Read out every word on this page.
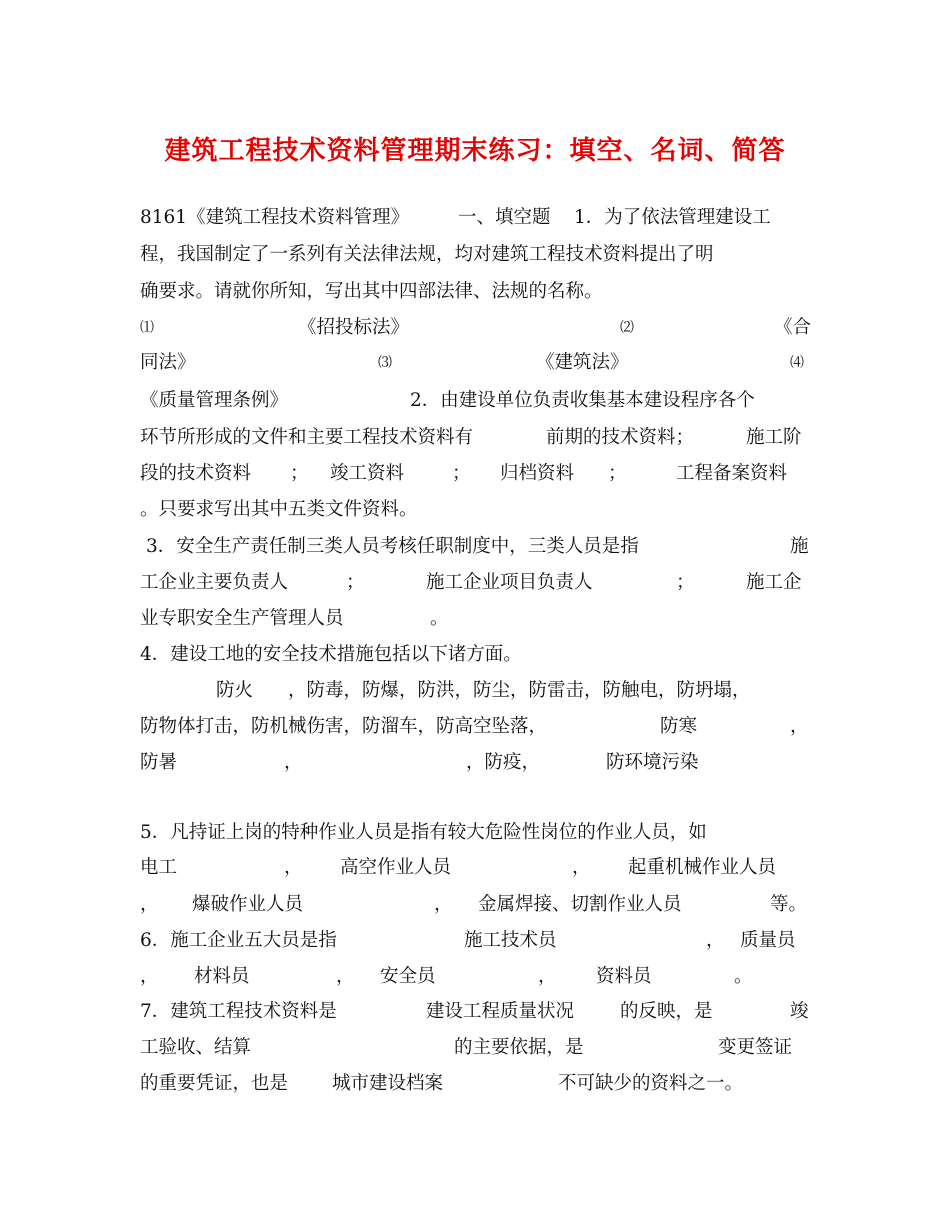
建筑工程技术资料管理期末练习：填空、名词、简答
8161《建筑工程技术资料管理》	一、填空题 1．为了依法管理建设工
程，我国制定了一系列有关法律法规，均对建筑工程技术资料提出了明
确要求。请就你所知，写出其中四部法律、法规的名称。
⑴	《招投标法》	⑵	《合
同法》	⑶	《建筑法》	⑷
《质量管理条例》	2．由建设单位负责收集基本建设程序各个
环节所形成的文件和主要工程技术资料有	前期的技术资料；	施工阶
段的技术资料 ； 竣工资料	； 归档资料 ；	工程备案资料
。只要求写出其中五类文件资料。
3．安全生产责任制三类人员考核任职制度中，三类人员是指	施
工企业主要负责人	；	施工企业项目负责人	；	施工企
业专职安全生产管理人员	。
4．建设工地的安全技术措施包括以下诸方面。
防火 ，防毒，防爆，防洪，防尘，防雷击，防触电，防坍塌，
防物体打击，防机械伤害，防溜车，防高空坠落，	防寒	，
防暑	，	，防疫，	防环境污染
5．凡持证上岗的特种作业人员是指有较大危险性岗位的作业人员，如
电工	， 高空作业人员	， 起重机械作业人员
， 爆破作业人员	， 金属焊接、切割作业人员	等。
6．施工企业五大员是指	施工技术员	， 质量员
， 材料员	， 安全员	， 资料员	。
7．建筑工程技术资料是	建设工程质量状况 的反映，是	竣
工验收、结算	的主要依据，是	变更签证
的重要凭证，也是 城市建设档案	不可缺少的资料之一。
